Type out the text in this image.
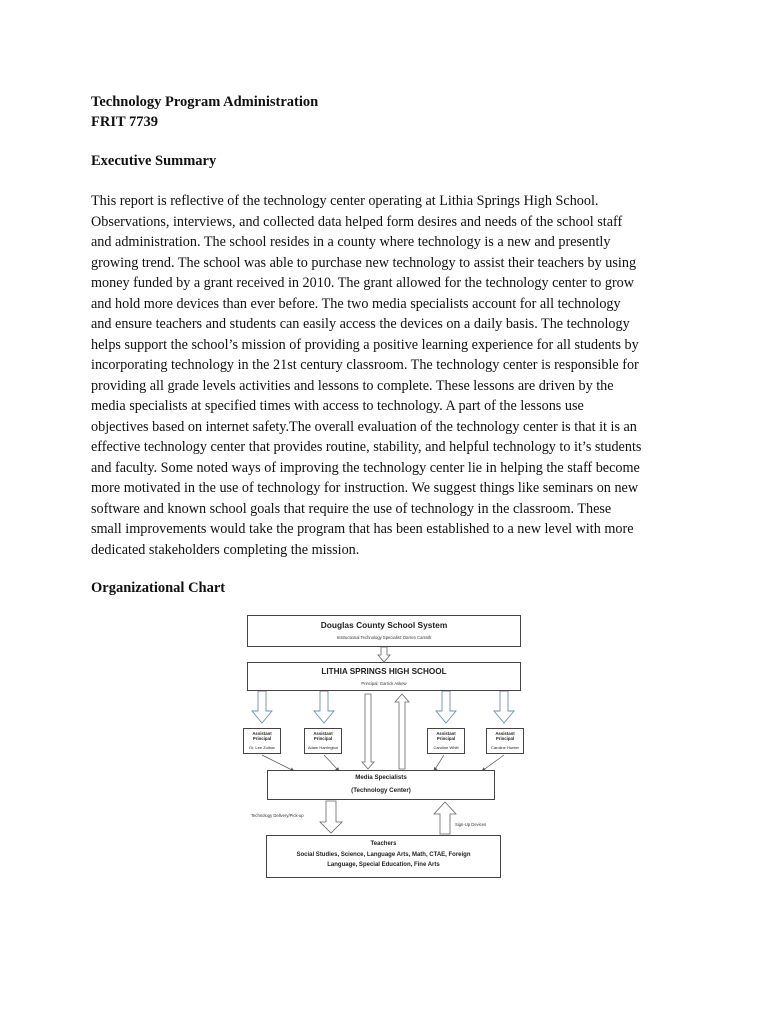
Technology Program Administration
FRIT 7739
Executive Summary

This report is reflective of the technology center operating at Lithia Springs High School.
Observations, interviews, and collected data helped form desires and needs of the school staff
and administration. The school resides in a county where technology is a new and presently
growing trend. The school was able to purchase new technology to assist their teachers by using
money funded by a grant received in 2010. The grant allowed for the technology center to grow
and hold more devices than ever before. The two media specialists account for all technology
and ensure teachers and students can easily access the devices on a daily basis. The technology
helps support the school’s mission of providing a positive learning experience for all students by
incorporating technology in the 21st century classroom. The technology center is responsible for
providing all grade levels activities and lessons to complete. These lessons are driven by the
media specialists at specified times with access to technology. A part of the lessons use
objectives based on internet safety.The overall evaluation of the technology center is that it is an
effective technology center that provides routine, stability, and helpful technology to it’s students
and faculty. Some noted ways of improving the technology center lie in helping the staff become
more motivated in the use of technology for instruction. We suggest things like seminars on new
software and known school goals that require the use of technology in the classroom. These
small improvements would take the program that has been established to a new level with more
dedicated stakeholders completing the mission.

Organizational Chart
Douglas County School System
Instructional Technology Specialist: Darren Carrath
LITHIA SPRINGS HIGH SCHOOL
Principal: Garrick Askew
Assistant Principal
Dr. Lee Zullow
Assistant Principal
Adam Harrington
Assistant Principal
Caroline Whitt
Assistant Principal
Caroline Hunter
Media Specialists
(Technology Center)
Technology Delivery/Pick-up
Sign-Up Devices
Teachers
Social Studies, Science, Language Arts, Math, CTAE, Foreign
Language, Special Education, Fine Arts
